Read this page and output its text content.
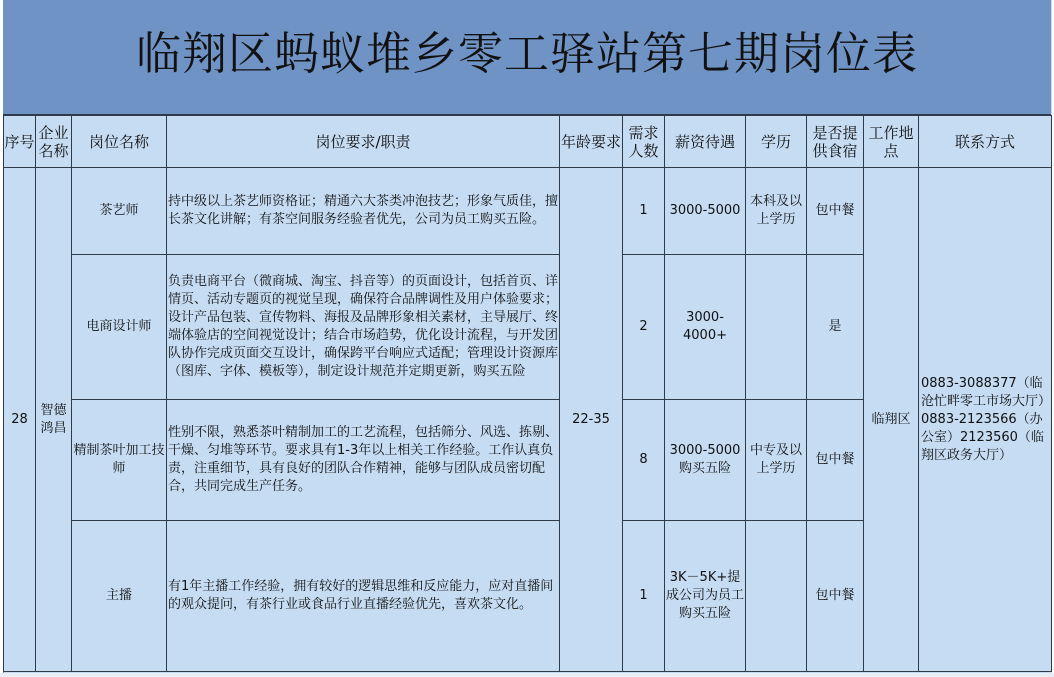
临翔区蚂蚁堆乡零工驿站第七期岗位表
序号	企业名称	岗位名称	岗位要求/职责	年龄要求	需求人数	薪资待遇	学历	是否提供食宿	工作地点	联系方式
28	智德鸿昌	茶艺师	持中级以上茶艺师资格证；精通六大茶类冲泡技艺；形象气质佳，擅长茶文化讲解；有茶空间服务经验者优先，公司为员工购买五险。	22-35	1	3000-5000	本科及以上学历	包中餐	临翔区	0883-3088377（临沧忙畔零工市场大厅）0883-2123566（办公室）2123560（临翔区政务大厅）
		电商设计师	负责电商平台（微商城、淘宝、抖音等）的页面设计，包括首页、详情页、活动专题页的视觉呈现，确保符合品牌调性及用户体验要求；设计产品包装、宣传物料、海报及品牌形象相关素材，主导展厅、终端体验店的空间视觉设计；结合市场趋势，优化设计流程，与开发团队协作完成页面交互设计，确保跨平台响应式适配；管理设计资源库（图库、字体、模板等），制定设计规范并定期更新，购买五险		2	3000-4000+		是		
		精制茶叶加工技师	性别不限，熟悉茶叶精制加工的工艺流程，包括筛分、风选、拣剔、干燥、匀堆等环节。要求具有1-3年以上相关工作经验。工作认真负责，注重细节，具有良好的团队合作精神，能够与团队成员密切配合，共同完成生产任务。		8	3000-5000购买五险	中专及以上学历	包中餐		
		主播	有1年主播工作经验，拥有较好的逻辑思维和反应能力，应对直播间的观众提问，有茶行业或食品行业直播经验优先，喜欢茶文化。		1	3K－5K+提成公司为员工购买五险		包中餐		
